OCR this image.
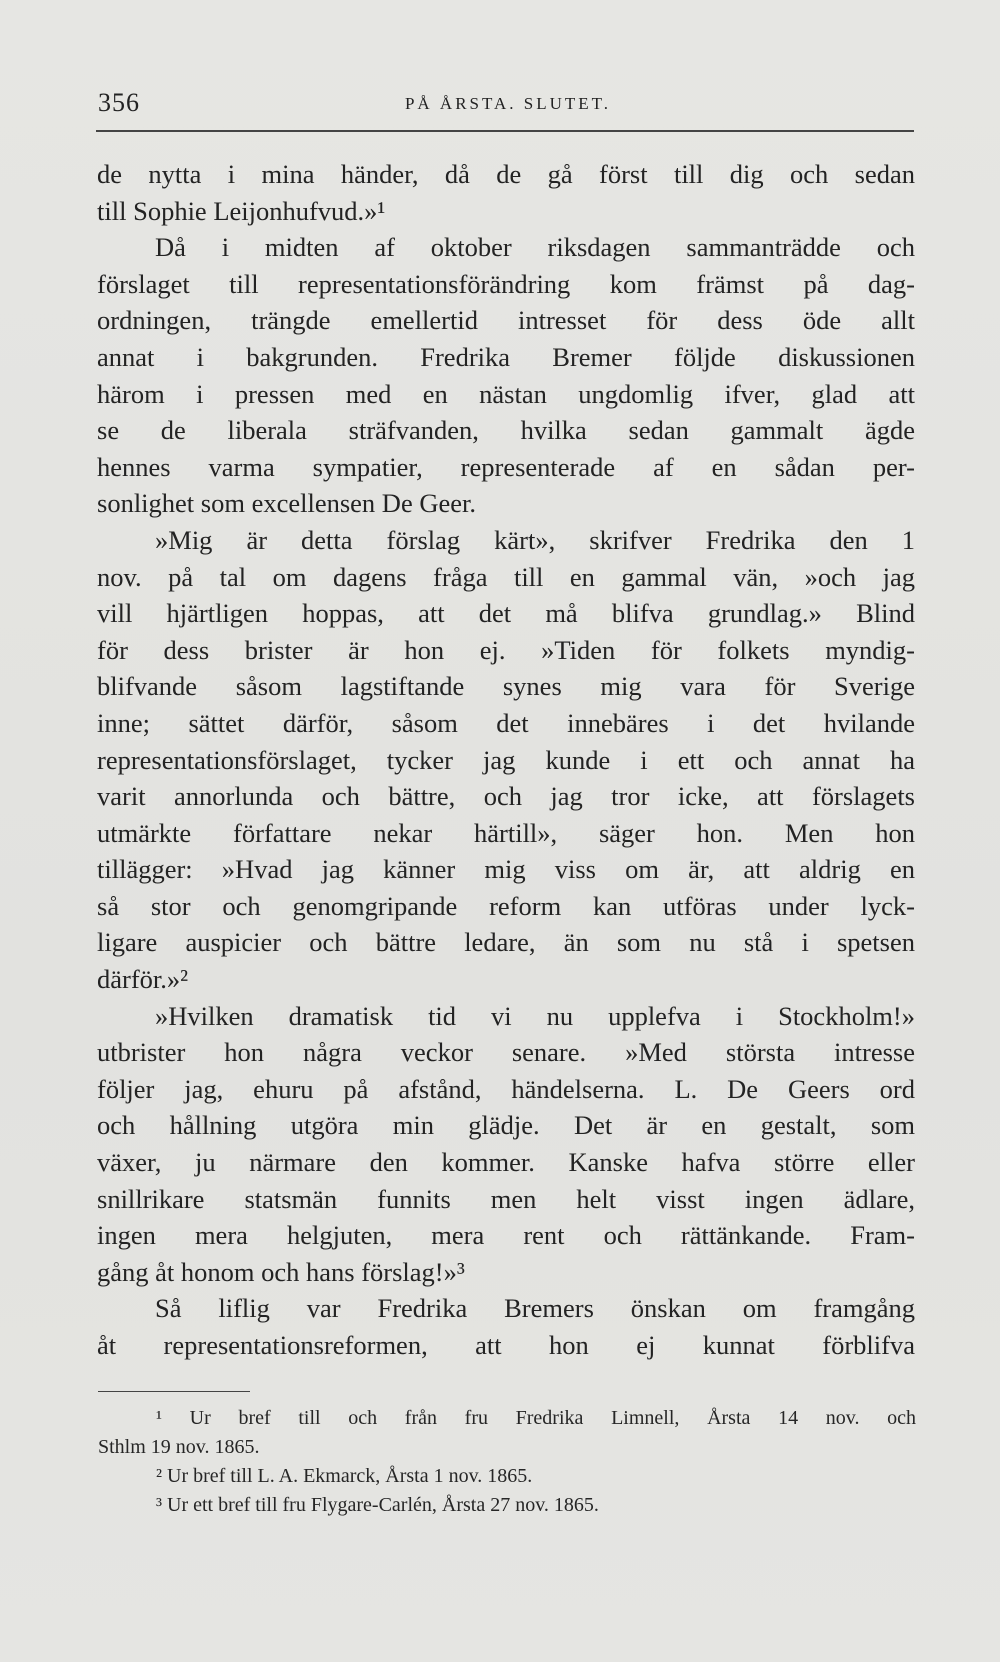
356	PÅ ÅRSTA. SLUTET.
de nytta i mina händer, då de gå först till dig och sedan
till Sophie Leijonhufvud.»¹
Då i midten af oktober riksdagen sammanträdde och
förslaget till representationsförändring kom främst på dag-
ordningen, trängde emellertid intresset för dess öde allt
annat i bakgrunden. Fredrika Bremer följde diskussionen
härom i pressen med en nästan ungdomlig ifver, glad att
se de liberala sträfvanden, hvilka sedan gammalt ägde
hennes varma sympatier, representerade af en sådan per-
sonlighet som excellensen De Geer.
»Mig är detta förslag kärt», skrifver Fredrika den 1
nov. på tal om dagens fråga till en gammal vän, »och jag
vill hjärtligen hoppas, att det må blifva grundlag.» Blind
för dess brister är hon ej. »Tiden för folkets myndig-
blifvande såsom lagstiftande synes mig vara för Sverige
inne; sättet därför, såsom det innebäres i det hvilande
representationsförslaget, tycker jag kunde i ett och annat ha
varit annorlunda och bättre, och jag tror icke, att förslagets
utmärkte författare nekar härtill», säger hon. Men hon
tillägger: »Hvad jag känner mig viss om är, att aldrig en
så stor och genomgripande reform kan utföras under lyck-
ligare auspicier och bättre ledare, än som nu stå i spetsen
därför.»²
»Hvilken dramatisk tid vi nu upplefva i Stockholm!»
utbrister hon några veckor senare. »Med största intresse
följer jag, ehuru på afstånd, händelserna. L. De Geers ord
och hållning utgöra min glädje. Det är en gestalt, som
växer, ju närmare den kommer. Kanske hafva större eller
snillrikare statsmän funnits men helt visst ingen ädlare,
ingen mera helgjuten, mera rent och rättänkande. Fram-
gång åt honom och hans förslag!»³
Så liflig var Fredrika Bremers önskan om framgång
åt representationsreformen, att hon ej kunnat förblifva
¹ Ur bref till och från fru Fredrika Limnell, Årsta 14 nov. och
Sthlm 19 nov. 1865.
² Ur bref till L. A. Ekmarck, Årsta 1 nov. 1865.
³ Ur ett bref till fru Flygare-Carlén, Årsta 27 nov. 1865.
